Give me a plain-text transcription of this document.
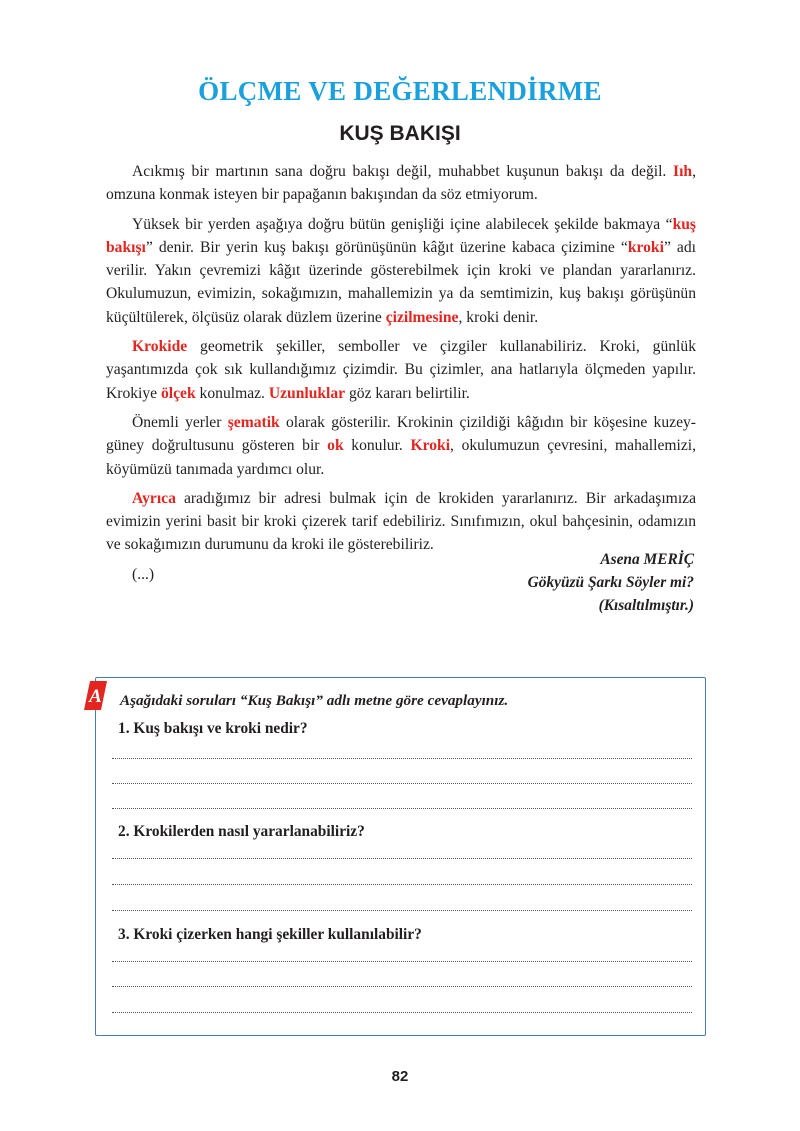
ÖLÇME VE DEĞERLENDİRME
KUŞ BAKIŞI

Acıkmış bir martının sana doğru bakışı değil, muhabbet kuşunun bakışı da değil. Iıh, omzuna konmak isteyen bir papağanın bakışından da söz etmiyorum.

Yüksek bir yerden aşağıya doğru bütün genişliği içine alabilecek şekilde bakmaya “kuş bakışı” denir. Bir yerin kuş bakışı görünüşünün kâğıt üzerine kabaca çizimine “kroki” adı verilir. Yakın çevremizi kâğıt üzerinde gösterebilmek için kroki ve plandan yararlanırız. Okulumuzun, evimizin, sokağımızın, mahallemizin ya da semtimizin, kuş bakışı görüşünün küçültülerek, ölçüsüz olarak düzlem üzerine çizilmesine, kroki denir.

Krokide geometrik şekiller, semboller ve çizgiler kullanabiliriz. Kroki, günlük yaşantımızda çok sık kullandığımız çizimdir. Bu çizimler, ana hatlarıyla ölçmeden yapılır. Krokiye ölçek konulmaz. Uzunluklar göz kararı belirtilir.

Önemli yerler şematik olarak gösterilir. Krokinin çizildiği kâğıdın bir köşesine kuzey-güney doğrultusunu gösteren bir ok konulur. Kroki, okulumuzun çevresini, mahallemizi, köyümüzü tanımada yardımcı olur.

Ayrıca aradığımız bir adresi bulmak için de krokiden yararlanırız. Bir arkadaşımıza evimizin yerini basit bir kroki çizerek tarif edebiliriz. Sınıfımızın, okul bahçesinin, odamızın ve sokağımızın durumunu da kroki ile gösterebiliriz.

(...)

Asena MERİÇ
Gökyüzü Şarkı Söyler mi?
(Kısaltılmıştır.)
A Aşağıdaki soruları “Kuş Bakışı” adlı metne göre cevaplayınız.
1. Kuş bakışı ve kroki nedir?
2. Krokilerden nasıl yararlanabiliriz?
3. Kroki çizerken hangi şekiller kullanılabilir?
82
